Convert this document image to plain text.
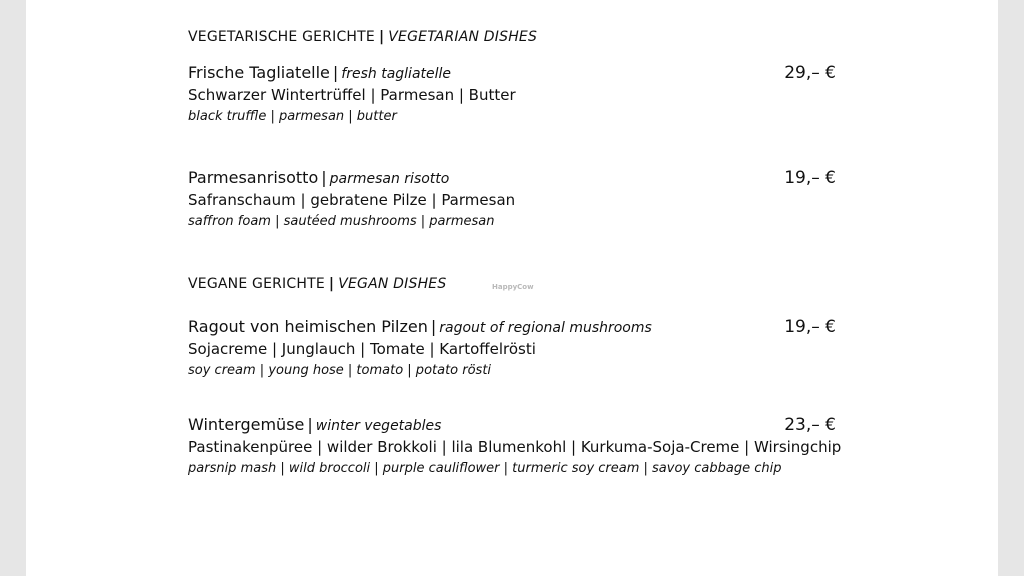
VEGETARISCHE GERICHTE | VEGETARIAN DISHES
Frische Tagliatelle | fresh tagliatelle	29,– €
Schwarzer Wintertrüffel | Parmesan | Butter
black truffle | parmesan | butter
Parmesanrisotto | parmesan risotto	19,– €
Safranschaum | gebratene Pilze | Parmesan
saffron foam | sautéed mushrooms | parmesan
VEGANE GERICHTE | VEGAN DISHES	HappyCow
Ragout von heimischen Pilzen | ragout of regional mushrooms	19,– €
Sojacreme | Junglauch | Tomate | Kartoffelrösti
soy cream | young hose | tomato | potato rösti
Wintergemüse | winter vegetables	23,– €
Pastinakenpüree | wilder Brokkoli | lila Blumenkohl | Kurkuma-Soja-Creme | Wirsingchip
parsnip mash | wild broccoli | purple cauliflower | turmeric soy cream | savoy cabbage chip
